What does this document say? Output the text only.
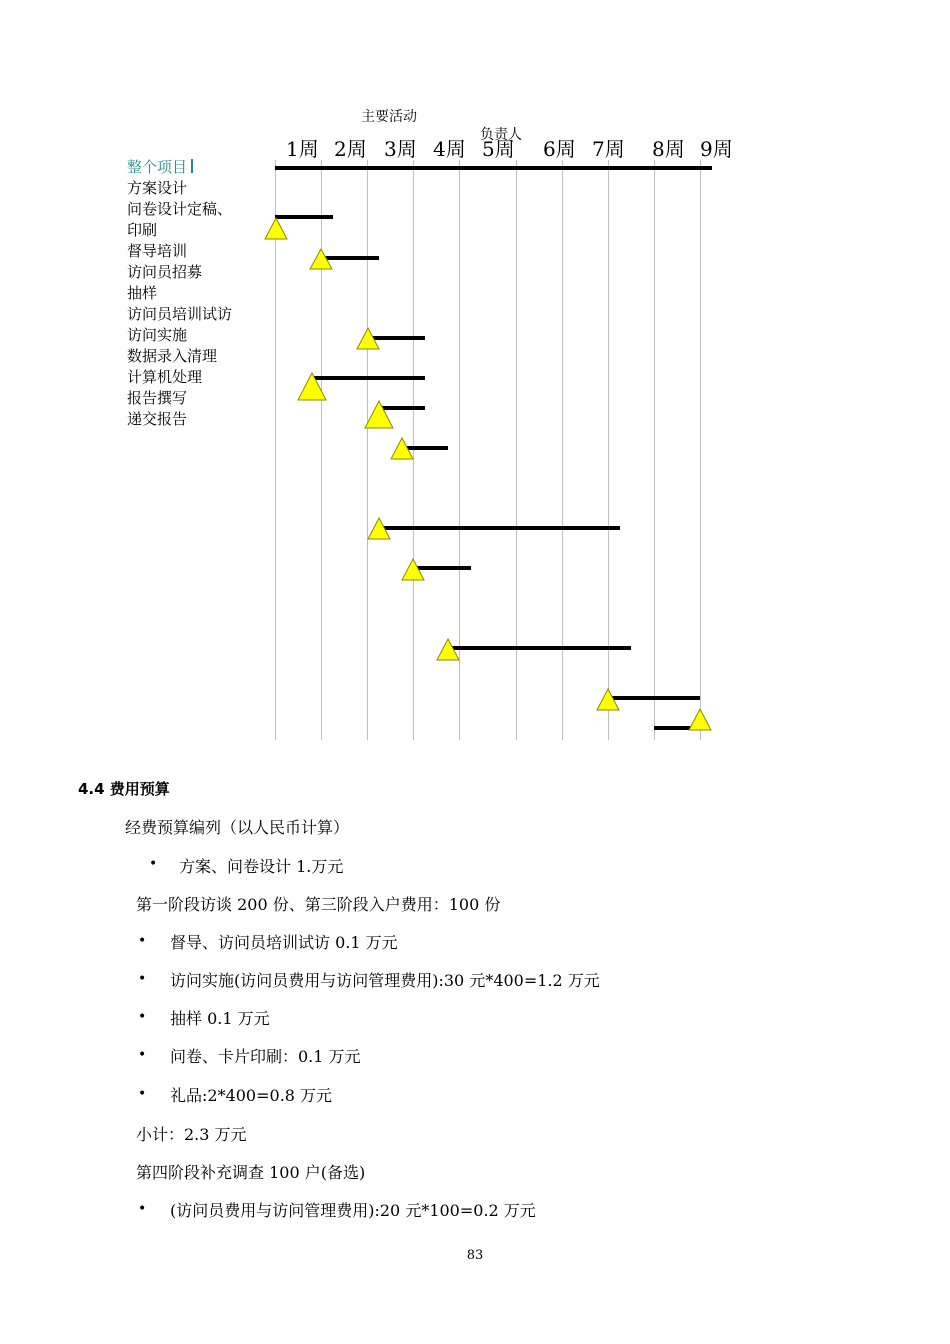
主要活动
负责人
1周 2周 3周 4周 5周 6周 7周 8周 9周
整个项目
方案设计
问卷设计定稿、
印刷
督导培训
访问员招募
抽样
访问员培训试访
访问实施
数据录入清理
计算机处理
报告撰写
递交报告
4.4 费用预算
经费预算编列（以人民币计算）
• 方案、问卷设计 1.万元
第一阶段访谈 200 份、第三阶段入户费用：100 份
• 督导、访问员培训试访 0.1 万元
• 访问实施(访问员费用与访问管理费用):30 元*400=1.2 万元
• 抽样 0.1 万元
• 问卷、卡片印刷：0.1 万元
• 礼品:2*400=0.8 万元
小计：2.3 万元
第四阶段补充调查 100 户(备选)
• (访问员费用与访问管理费用):20 元*100=0.2 万元
83
